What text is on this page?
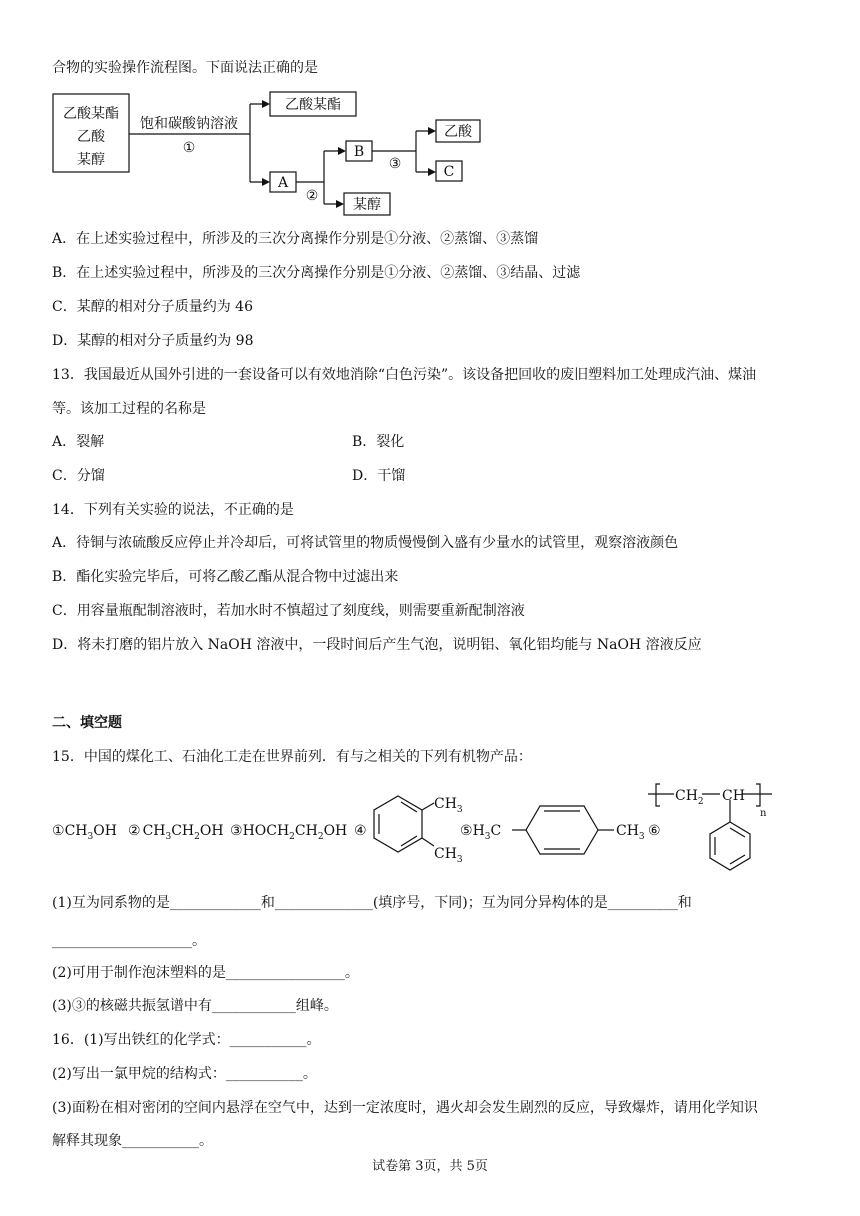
合物的实验操作流程图。下面说法正确的是
乙酸某酯
乙酸
某醇
饱和碳酸钠溶液
①
乙酸某酯
A
②
B
某醇
③
乙酸
C
A．在上述实验过程中，所涉及的三次分离操作分别是①分液、②蒸馏、③蒸馏
B．在上述实验过程中，所涉及的三次分离操作分别是①分液、②蒸馏、③结晶、过滤
C．某醇的相对分子质量约为 46
D．某醇的相对分子质量约为 98
13．我国最近从国外引进的一套设备可以有效地消除“白色污染”。该设备把回收的废旧塑料加工处理成汽油、煤油
等。该加工过程的名称是
A．裂解	B．裂化
C．分馏	D．干馏
14．下列有关实验的说法，不正确的是
A．待铜与浓硫酸反应停止并冷却后，可将试管里的物质慢慢倒入盛有少量水的试管里，观察溶液颜色
B．酯化实验完毕后，可将乙酸乙酯从混合物中过滤出来
C．用容量瓶配制溶液时，若加水时不慎超过了刻度线，则需要重新配制溶液
D．将未打磨的铝片放入 NaOH 溶液中，一段时间后产生气泡，说明铝、氧化铝均能与 NaOH 溶液反应
二、填空题
15．中国的煤化工、石油化工走在世界前列．有与之相关的下列有机物产品：
$①CH_3OH$ ② $CH_3CH_2OH$ $③HOCH_2CH_2OH$ ④
$CH_3$
$CH_3$
$⑤H_3C$	$CH_3$ ⑥
$CH_2$ CH
n
(1)互为同系物的是_____________和______________(填序号，下同)；互为同分异构体的是__________和
____________________。
(2)可用于制作泡沫塑料的是_________________。
(3)③的核磁共振氢谱中有____________组峰。
16．(1)写出铁红的化学式：___________。
(2)写出一氯甲烷的结构式：___________。
(3)面粉在相对密闭的空间内悬浮在空气中，达到一定浓度时，遇火却会发生剧烈的反应，导致爆炸，请用化学知识
解释其现象___________。
试卷第 3页，共 5页
